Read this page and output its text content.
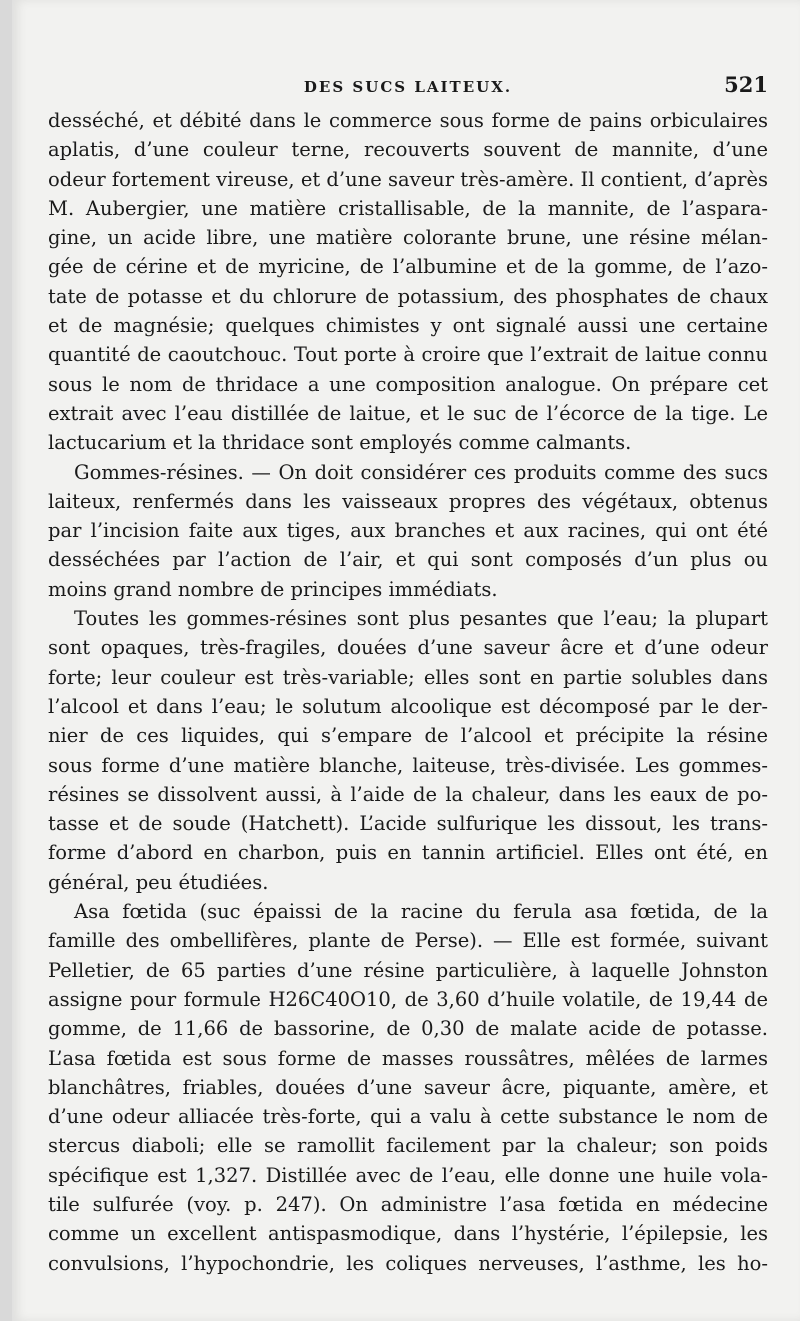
DES SUCS LAITEUX.	521
desséché, et débité dans le commerce sous forme de pains orbiculaires
aplatis, d’une couleur terne, recouverts souvent de mannite, d’une
odeur fortement vireuse, et d’une saveur très-amère. Il contient, d’après
M. Aubergier, une matière cristallisable, de la mannite, de l’aspara-
gine, un acide libre, une matière colorante brune, une résine mélan-
gée de cérine et de myricine, de l’albumine et de la gomme, de l’azo-
tate de potasse et du chlorure de potassium, des phosphates de chaux
et de magnésie; quelques chimistes y ont signalé aussi une certaine
quantité de caoutchouc. Tout porte à croire que l’extrait de laitue connu
sous le nom de thridace a une composition analogue. On prépare cet
extrait avec l’eau distillée de laitue, et le suc de l’écorce de la tige. Le
lactucarium et la thridace sont employés comme calmants.
Gommes-résines. — On doit considérer ces produits comme des sucs
laiteux, renfermés dans les vaisseaux propres des végétaux, obtenus
par l’incision faite aux tiges, aux branches et aux racines, qui ont été
desséchées par l’action de l’air, et qui sont composés d’un plus ou
moins grand nombre de principes immédiats.
Toutes les gommes-résines sont plus pesantes que l’eau; la plupart
sont opaques, très-fragiles, douées d’une saveur âcre et d’une odeur
forte; leur couleur est très-variable; elles sont en partie solubles dans
l’alcool et dans l’eau; le solutum alcoolique est décomposé par le der-
nier de ces liquides, qui s’empare de l’alcool et précipite la résine
sous forme d’une matière blanche, laiteuse, très-divisée. Les gommes-
résines se dissolvent aussi, à l’aide de la chaleur, dans les eaux de po-
tasse et de soude (Hatchett). L’acide sulfurique les dissout, les trans-
forme d’abord en charbon, puis en tannin artificiel. Elles ont été, en
général, peu étudiées.
Asa fœtida (suc épaissi de la racine du ferula asa fœtida, de la
famille des ombellifères, plante de Perse). — Elle est formée, suivant
Pelletier, de 65 parties d’une résine particulière, à laquelle Johnston
assigne pour formule H26C40O10, de 3,60 d’huile volatile, de 19,44 de
gomme, de 11,66 de bassorine, de 0,30 de malate acide de potasse.
L’asa fœtida est sous forme de masses roussâtres, mêlées de larmes
blanchâtres, friables, douées d’une saveur âcre, piquante, amère, et
d’une odeur alliacée très-forte, qui a valu à cette substance le nom de
stercus diaboli; elle se ramollit facilement par la chaleur; son poids
spécifique est 1,327. Distillée avec de l’eau, elle donne une huile vola-
tile sulfurée (voy. p. 247). On administre l’asa fœtida en médecine
comme un excellent antispasmodique, dans l’hystérie, l’épilepsie, les
convulsions, l’hypochondrie, les coliques nerveuses, l’asthme, les ho-
